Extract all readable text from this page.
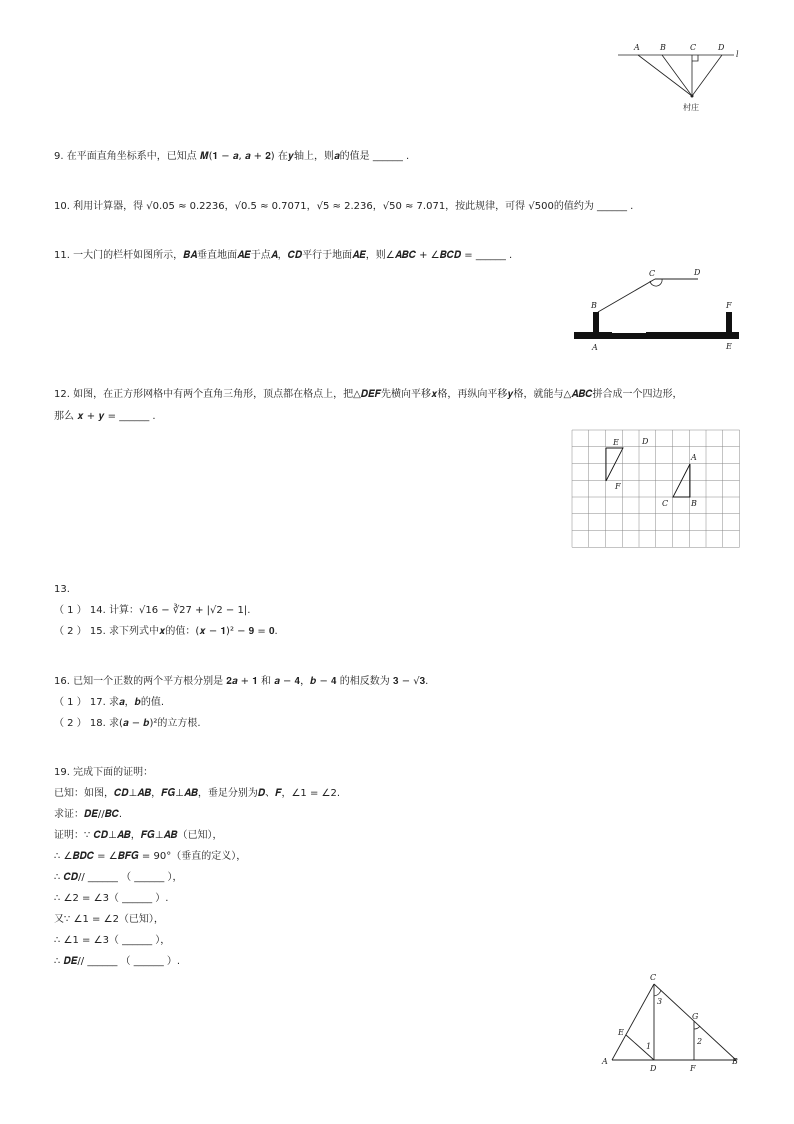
A	B	C	D
l
村庄
9. 在平面直角坐标系中，已知点 𝑴(𝟏 − 𝒂, 𝒂 + 𝟐) 在𝒚轴上，则𝒂的值是 ______ .
10. 利用计算器，得 √0.05 ≈ 0.2236，√0.5 ≈ 0.7071，√5 ≈ 2.236，√50 ≈ 7.071，按此规律，可得 √500的值约为 ______ .
11. 一大门的栏杆如图所示，𝑩𝑨垂直地面𝑨𝑬于点𝑨，𝑪𝑫平行于地面𝑨𝑬，则∠𝑨𝑩𝑪 + ∠𝑩𝑪𝑫 = ______ .
B
C	D
F
A	E
12. 如图，在正方形网格中有两个直角三角形，顶点都在格点上，把△𝑫𝑬𝑭先横向平移𝒙格，再纵向平移𝒚格，就能与△𝑨𝑩𝑪拼合成一个四边形，
那么 𝒙 + 𝒚 = ______ .
E	D
F
A
C	B
13.
（ 1 ） 14. 计算：√16 − ∛27 + |√2 − 1|.
（ 2 ） 15. 求下列式中𝒙的值：(𝒙 − 𝟏)² − 𝟗 = 𝟎.
16. 已知一个正数的两个平方根分别是 𝟐𝒂 + 𝟏 和 𝒂 − 𝟒，𝒃 − 𝟒 的相反数为 𝟑 − √𝟑.
（ 1 ） 17. 求𝒂，𝒃的值.
（ 2 ） 18. 求(𝒂 − 𝒃)²的立方根.
19. 完成下面的证明：
已知：如图，𝑪𝑫⊥𝑨𝑩，𝑭𝑮⊥𝑨𝑩，垂足分别为𝑫、𝑭，∠1 = ∠2.
求证：𝑫𝑬//𝑩𝑪.
证明：∵ 𝑪𝑫⊥𝑨𝑩，𝑭𝑮⊥𝑨𝑩（已知），
∴ ∠𝑩𝑫𝑪 = ∠𝑩𝑭𝑮 = 90°（垂直的定义），
∴ 𝑪𝑫// ______ （ ______ ），
∴ ∠2 = ∠3（ ______ ）.
又∵ ∠1 = ∠2（已知），
∴ ∠1 = ∠3（ ______ ），
∴ 𝑫𝑬// ______ （ ______ ）.
C
3
G
E
2
1
A
D	F
B
